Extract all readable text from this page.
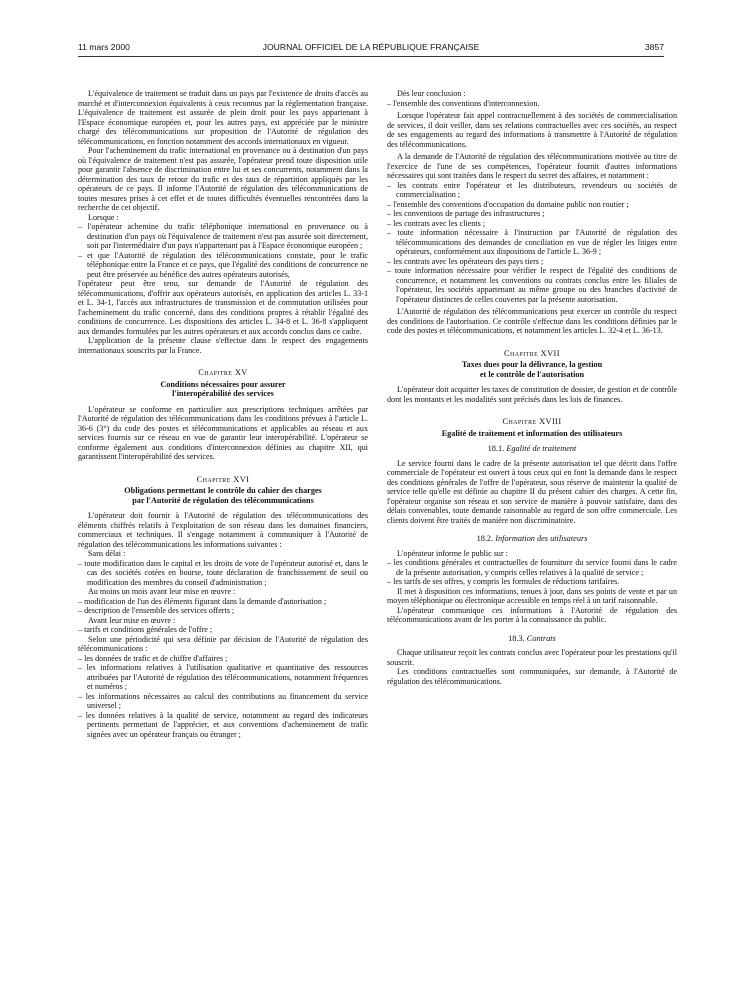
11 mars 2000	JOURNAL OFFICIEL DE LA RÉPUBLIQUE FRANÇAISE	3857

L'équivalence de traitement se traduit dans un pays par l'existence de droits d'accès au marché et d'interconnexion équivalents à ceux reconnus par la réglementation française. L'équivalence de traitement est assurée de plein droit pour les pays appartenant à l'Espace économique européen et, pour les autres pays, est appréciée par le ministre chargé des télécommunications sur proposition de l'Autorité de régulation des télécommunications, en fonction notamment des accords internationaux en vigueur.

Pour l'acheminement du trafic international en provenance ou à destination d'un pays où l'équivalence de traitement n'est pas assurée, l'opérateur prend toute disposition utile pour garantir l'absence de discrimination entre lui et ses concurrents, notamment dans la détermination des taux de retour du trafic et des taux de répartition appliqués par les opérateurs de ce pays. Il informe l'Autorité de régulation des télécommunications de toutes mesures prises à cet effet et de toutes difficultés éventuelles rencontrées dans la recherche de cet objectif.

Lorsque :

– l'opérateur achemine du trafic téléphonique international en provenance ou à destination d'un pays où l'équivalence de traitement n'est pas assurée soit directement, soit par l'intermédiaire d'un pays n'appartenant pas à l'Espace économique européen ;
– et que l'Autorité de régulation des télécommunications constate, pour le trafic téléphonique entre la France et ce pays, que l'égalité des conditions de concurrence ne peut être préservée au bénéfice des autres opérateurs autorisés,

l'opérateur peut être tenu, sur demande de l'Autorité de régulation des télécommunications, d'offrir aux opérateurs autorisés, en application des articles L. 33-1 et L. 34-1, l'accès aux infrastructures de transmission et de commutation utilisées pour l'acheminement du trafic concerné, dans des conditions propres à rétablir l'égalité des conditions de concurrence. Les dispositions des articles L. 34-8 et L. 36-8 s'appliquent aux demandes formulées par les autres opérateurs et aux accords conclus dans ce cadre.

L'application de la présente clause s'effectue dans le respect des engagements internationaux souscrits par la France.

Chapitre XV
Conditions nécessaires pour assurer
l'interopérabilité des services

L'opérateur se conforme en particulier aux prescriptions techniques arrêtées par l'Autorité de régulation des télécommunications dans les conditions prévues à l'article L. 36-6 (3°) du code des postes et télécommunications et applicables au réseau et aux services fournis sur ce réseau en vue de garantir leur interopérabilité. L'opérateur se conforme également aux conditions d'interconnexion définies au chapitre XII, qui garantissent l'interopérabilité des services.

Chapitre XVI
Obligations permettant le contrôle du cahier des charges
par l'Autorité de régulation des télécommunications

L'opérateur doit fournir à l'Autorité de régulation des télécommunications des éléments chiffrés relatifs à l'exploitation de son réseau dans les domaines financiers, commerciaux et techniques. Il s'engage notamment à communiquer à l'Autorité de régulation des télécommunications les informations suivantes :

Sans délai :

– toute modification dans le capital et les droits de vote de l'opérateur autorisé et, dans le cas des sociétés cotées en bourse, toute déclaration de franchissement de seuil ou modification des membres du conseil d'administration ;

Au moins un mois avant leur mise en œuvre :

– modification de l'un des éléments figurant dans la demande d'autorisation ;
– description de l'ensemble des services offerts ;

Avant leur mise en œuvre :

– tarifs et conditions générales de l'offre ;

Selon une périodicité qui sera définie par décision de l'Autorité de régulation des télécommunications :

– les données de trafic et de chiffre d'affaires ;
– les informations relatives à l'utilisation qualitative et quantitative des ressources attribuées par l'Autorité de régulation des télécommunications, notamment fréquences et numéros ;
– les informations nécessaires au calcul des contributions au financement du service universel ;
– les données relatives à la qualité de service, notamment au regard des indicateurs pertinents permettant de l'apprécier, et aux conventions d'acheminement de trafic signées avec un opérateur français ou étranger ;

Dès leur conclusion :

– l'ensemble des conventions d'interconnexion.

Lorsque l'opérateur fait appel contractuellement à des sociétés de commercialisation de services, il doit veiller, dans ses relations contractuelles avec ces sociétés, au respect de ses engagements au regard des informations à transmettre à l'Autorité de régulation des télécommunications.

A la demande de l'Autorité de régulation des télécommunications motivée au titre de l'exercice de l'une de ses compétences, l'opérateur fournit d'autres informations nécessaires qui sont traitées dans le respect du secret des affaires, et notamment :

– les contrats entre l'opérateur et les distributeurs, revendeurs ou sociétés de commercialisation ;
– l'ensemble des conventions d'occupation du domaine public non routier ;
– les conventions de partage des infrastructures ;
– les contrats avec les clients ;
– toute information nécessaire à l'instruction par l'Autorité de régulation des télécommunications des demandes de conciliation en vue de régler les litiges entre opérateurs, conformément aux dispositions de l'article L. 36-9 ;
– les contrats avec les opérateurs des pays tiers ;
– toute information nécessaire pour vérifier le respect de l'égalité des conditions de concurrence, et notamment les conventions ou contrats conclus entre les filiales de l'opérateur, les sociétés appartenant au même groupe ou des branches d'activité de l'opérateur distinctes de celles couvertes par la présente autorisation.

L'Autorité de régulation des télécommunications peut exercer un contrôle du respect des conditions de l'autorisation. Ce contrôle s'effectue dans les conditions définies par le code des postes et télécommunications, et notamment les articles L. 32-4 et L. 36-13.

Chapitre XVII
Taxes dues pour la délivrance, la gestion
et le contrôle de l'autorisation

L'opérateur doit acquitter les taxes de constitution de dossier, de gestion et de contrôle dont les montants et les modalités sont précisés dans les lois de finances.

Chapitre XVIII
Egalité de traitement et information des utilisateurs
18.1. Egalité de traitement

Le service fourni dans le cadre de la présente autorisation tel que décrit dans l'offre commerciale de l'opérateur est ouvert à tous ceux qui en font la demande dans le respect des conditions générales de l'offre de l'opérateur, sous réserve de maintenir la qualité de service telle qu'elle est définie au chapitre II du présent cahier des charges. A cette fin, l'opérateur organise son réseau et son service de manière à pouvoir satisfaire, dans des délais convenables, toute demande raisonnable au regard de son offre commerciale. Les clients doivent être traités de manière non discriminatoire.

18.2. Information des utilisateurs

L'opérateur informe le public sur :

– les conditions générales et contractuelles de fourniture du service fourni dans le cadre de la présente autorisation, y compris celles relatives à la qualité de service ;
– les tarifs de ses offres, y compris les formules de réductions tarifaires.

Il met à disposition ces informations, tenues à jour, dans ses points de vente et par un moyen téléphonique ou électronique accessible en temps réel à un tarif raisonnable.

L'opérateur communique ces informations à l'Autorité de régulation des télécommunications avant de les porter à la connaissance du public.

18.3. Contrats

Chaque utilisateur reçoit les contrats conclus avec l'opérateur pour les prestations qu'il souscrit.

Les conditions contractuelles sont communiquées, sur demande, à l'Autorité de régulation des télécommunications.
